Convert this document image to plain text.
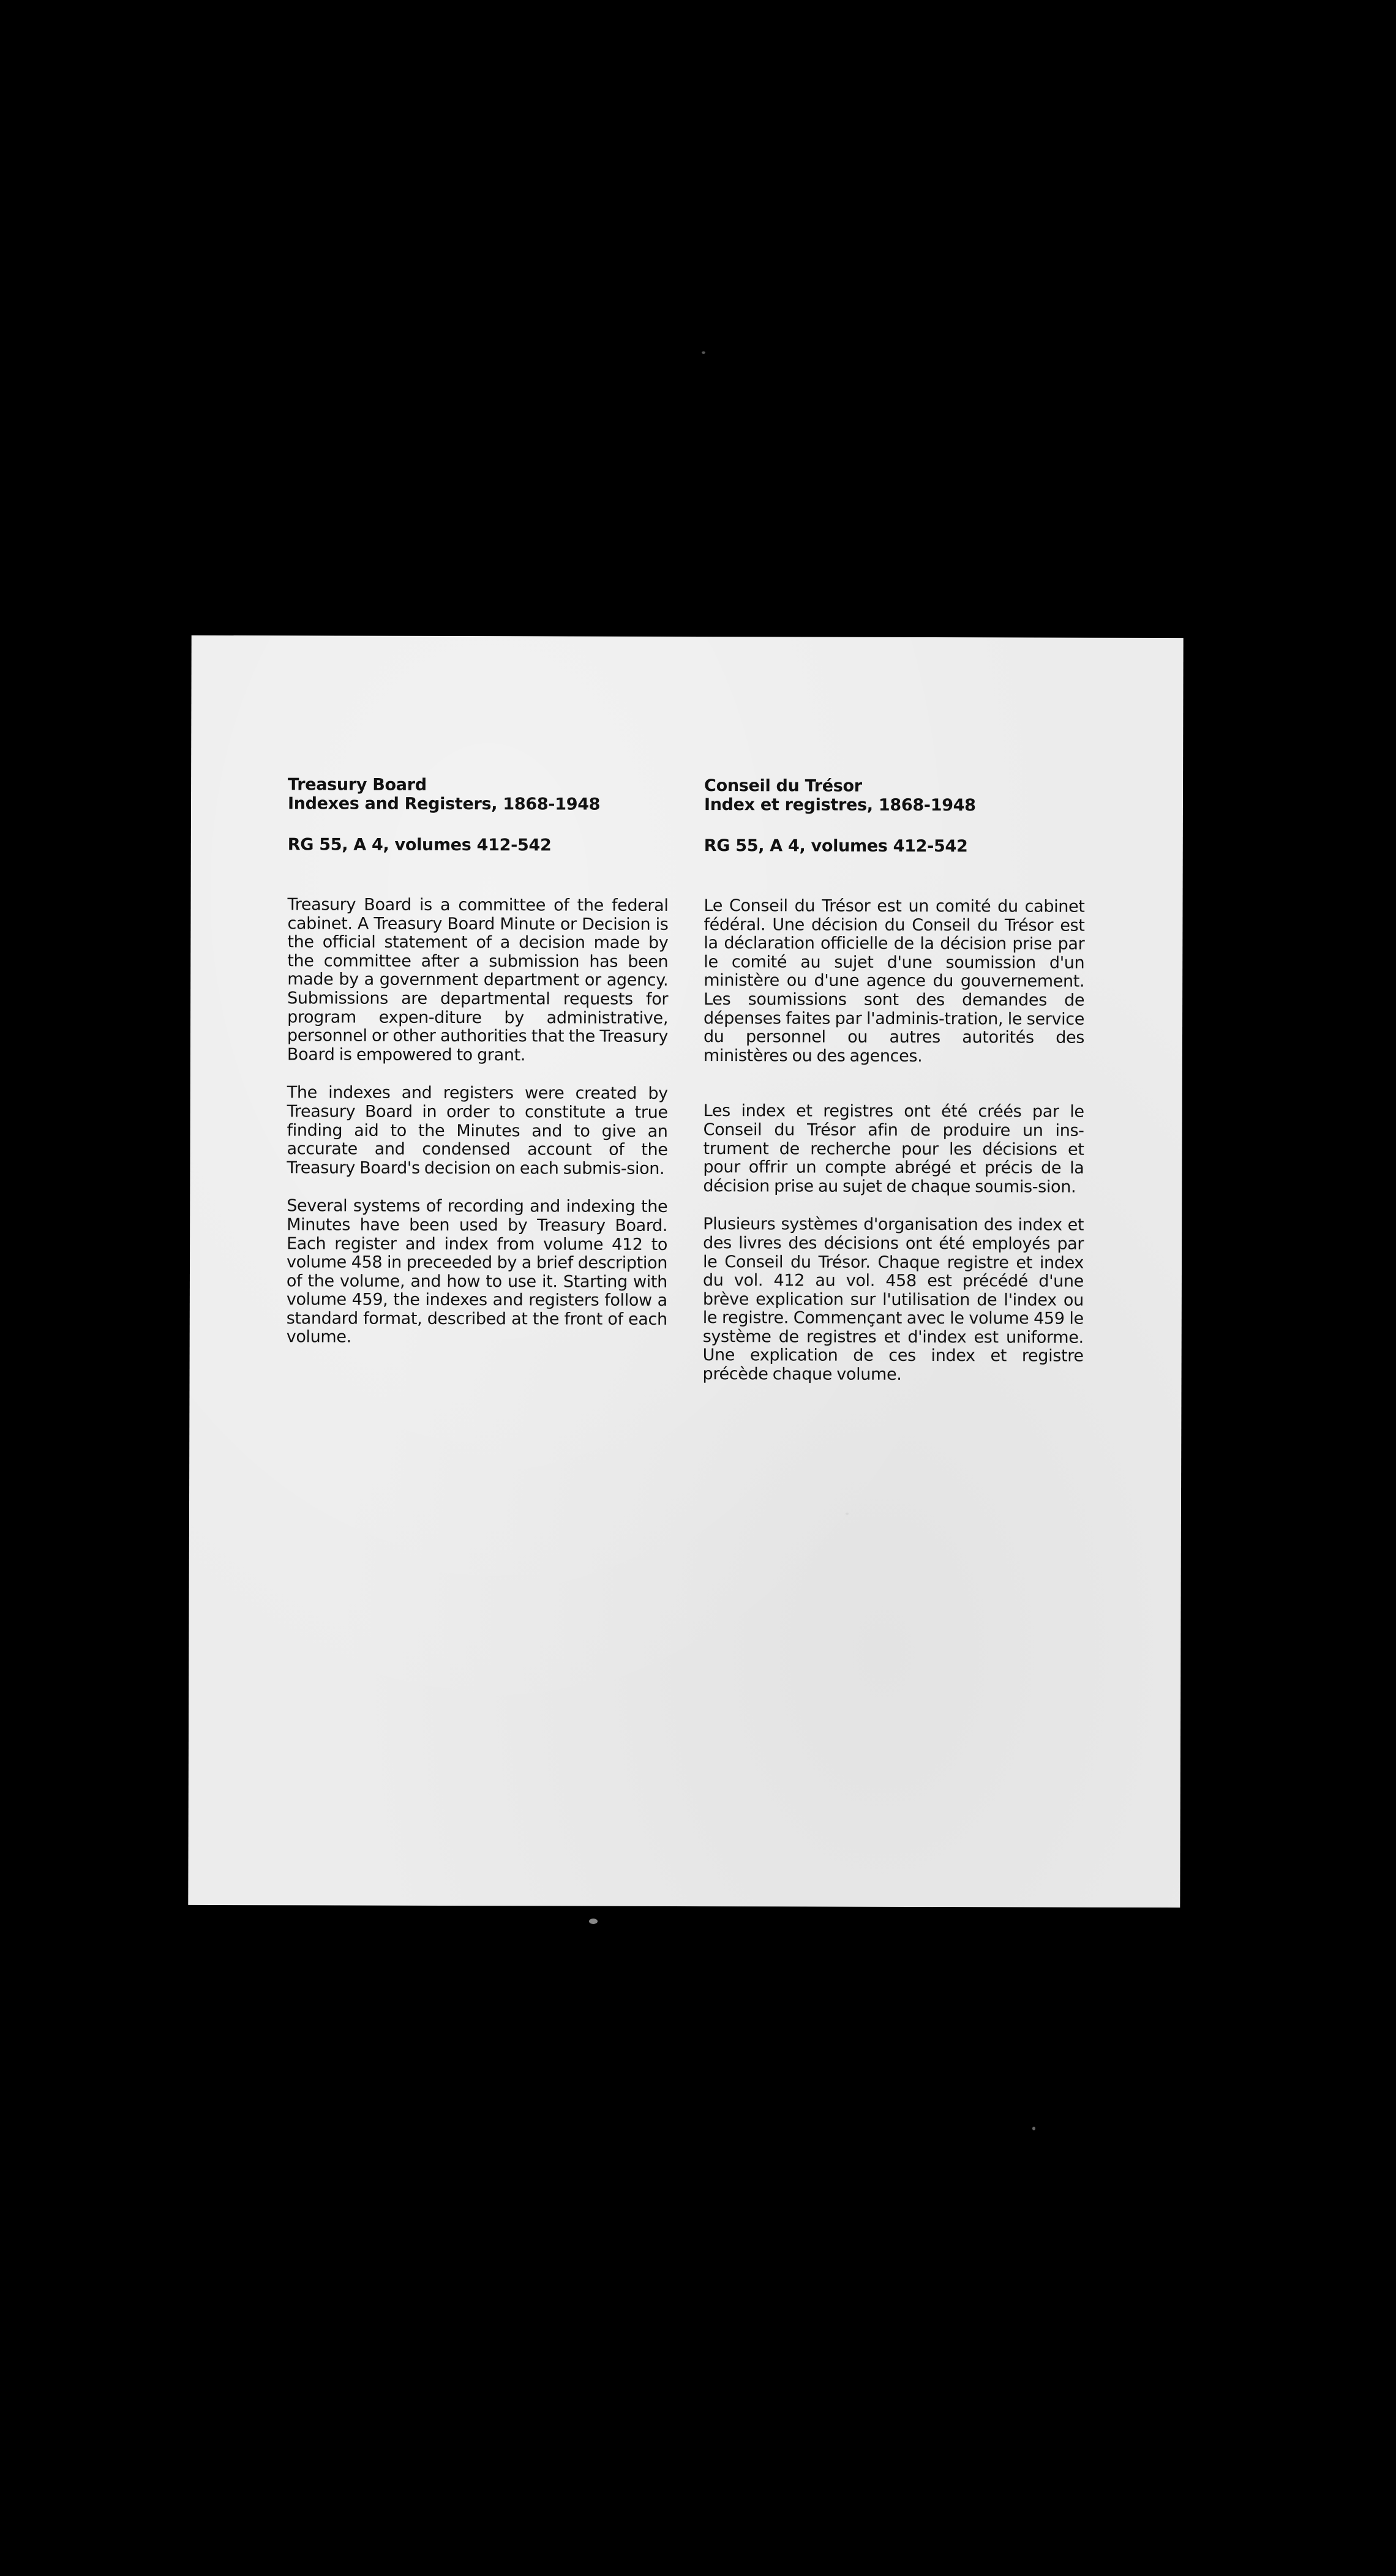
Treasury Board
Indexes and Registers, 1868-1948

RG 55, A 4, volumes 412-542

Treasury Board is a committee of the federal cabinet. A Treasury Board Minute or Decision is the official statement of a decision made by the committee after a submission has been made by a government department or agency. Submissions are departmental requests for program expen-diture by administrative, personnel or other authorities that the Treasury Board is empowered to grant.

The indexes and registers were created by Treasury Board in order to constitute a true finding aid to the Minutes and to give an accurate and condensed account of the Treasury Board's decision on each submis-sion.

Several systems of recording and indexing the Minutes have been used by Treasury Board. Each register and index from volume 412 to volume 458 in preceeded by a brief description of the volume, and how to use it. Starting with volume 459, the indexes and registers follow a standard format, described at the front of each volume.

Conseil du Trésor
Index et registres, 1868-1948

RG 55, A 4, volumes 412-542

Le Conseil du Trésor est un comité du cabinet fédéral. Une décision du Conseil du Trésor est la déclaration officielle de la décision prise par le comité au sujet d'une soumission d'un ministère ou d'une agence du gouvernement. Les soumissions sont des demandes de dépenses faites par l'adminis-tration, le service du personnel ou autres autorités des ministères ou des agences.

Les index et registres ont été créés par le Conseil du Trésor afin de produire un ins-trument de recherche pour les décisions et pour offrir un compte abrégé et précis de la décision prise au sujet de chaque soumis-sion.

Plusieurs systèmes d'organisation des index et des livres des décisions ont été employés par le Conseil du Trésor. Chaque registre et index du vol. 412 au vol. 458 est précédé d'une brève explication sur l'utilisation de l'index ou le registre. Commençant avec le volume 459 le système de registres et d'index est uniforme. Une explication de ces index et registre précède chaque volume.
